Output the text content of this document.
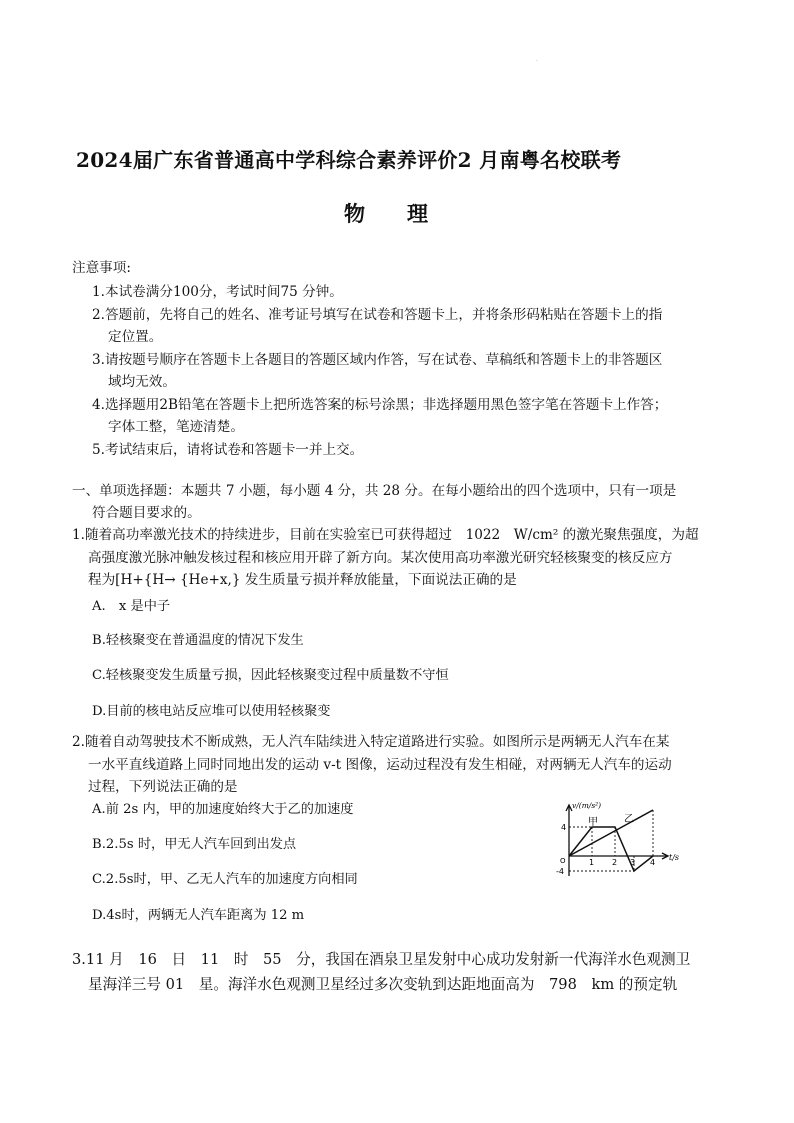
·
2024届广东省普通高中学科综合素养评价2 月南粤名校联考
物　　理
注意事项:
1.本试卷满分100分，考试时间75 分钟。
2.答题前，先将自己的姓名、准考证号填写在试卷和答题卡上，并将条形码粘贴在答题卡上的指
定位置。
3.请按题号顺序在答题卡上各题目的答题区域内作答，写在试卷、草稿纸和答题卡上的非答题区
域均无效。
4.选择题用2B铅笔在答题卡上把所选答案的标号涂黑；非选择题用黑色签字笔在答题卡上作答；
字体工整，笔迹清楚。
5.考试结束后，请将试卷和答题卡一并上交。
一、单项选择题：本题共 7 小题，每小题 4 分，共 28 分。在每小题给出的四个选项中，只有一项是
符合题目要求的。
1.随着高功率激光技术的持续进步，目前在实验室已可获得超过　1022　W/cm² 的激光聚焦强度，为超
高强度激光脉冲触发核过程和核应用开辟了新方向。某次使用高功率激光研究轻核聚变的核反应方
程为[H+{H→ {He+x,} 发生质量亏损并释放能量，下面说法正确的是
A.　x 是中子
B.轻核聚变在普通温度的情况下发生
C.轻核聚变发生质量亏损，因此轻核聚变过程中质量数不守恒
D.目前的核电站反应堆可以使用轻核聚变
2.随着自动驾驶技术不断成熟，无人汽车陆续进入特定道路进行实验。如图所示是两辆无人汽车在某
一水平直线道路上同时同地出发的运动 v-t 图像，运动过程没有发生相碰，对两辆无人汽车的运动
过程，下列说法正确的是
A.前 2s 内，甲的加速度始终大于乙的加速度
B.2.5s 时，甲无人汽车回到出发点
C.2.5s时，甲、乙无人汽车的加速度方向相同
D.4s时，两辆无人汽车距离为 12 m
v/(m/s²)
t/s
甲	乙
4
-4
1 2 3 4
O
3.11 月　16　日　11　时　55　分，我国在酒泉卫星发射中心成功发射新一代海洋水色观测卫
星海洋三号 01　星。海洋水色观测卫星经过多次变轨到达距地面高为　798　km 的预定轨
